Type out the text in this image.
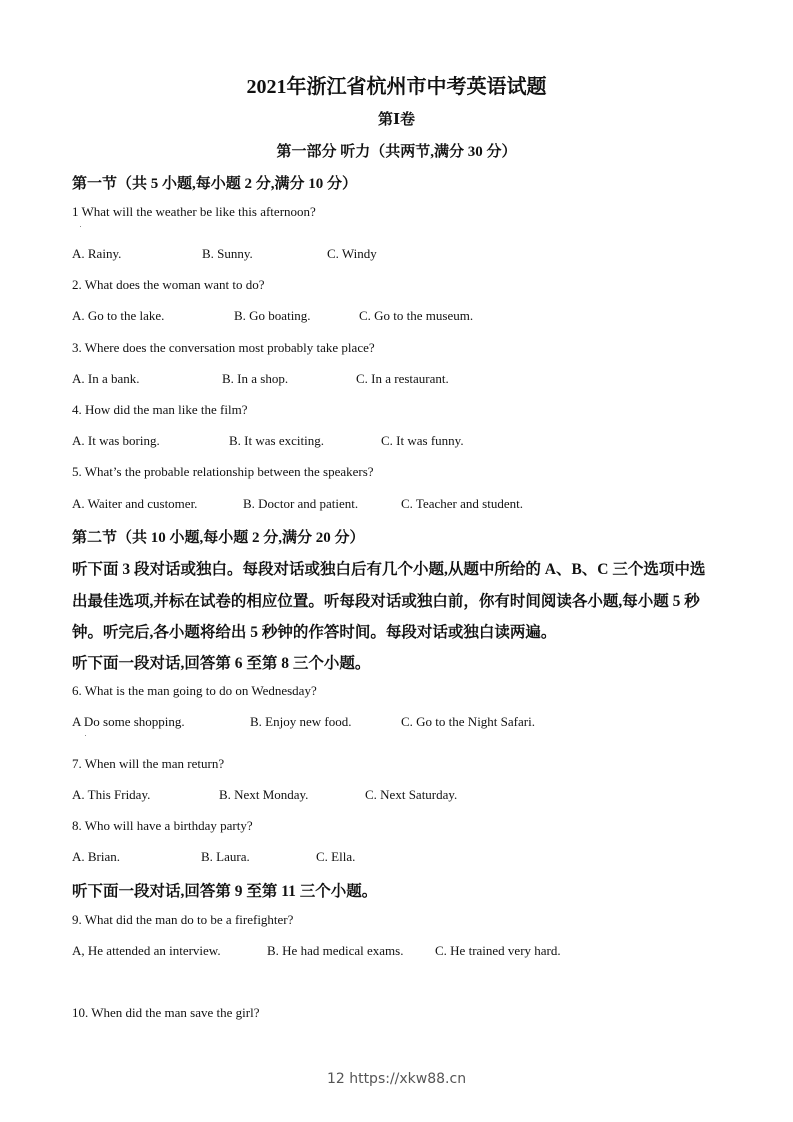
2021年浙江省杭州市中考英语试题
第Ⅰ卷
第一部分 听力（共两节,满分 30 分）
第一节（共 5 小题,每小题 2 分,满分 10 分）
1 What will the weather be like this afternoon?
A. Rainy.	B. Sunny.	C. Windy
2. What does the woman want to do?
A. Go to the lake.	B. Go boating.	C. Go to the museum.
3. Where does the conversation most probably take place?
A. In a bank.	B. In a shop.	C. In a restaurant.
4. How did the man like the film?
A. It was boring.	B. It was exciting.	C. It was funny.
5. What’s the probable relationship between the speakers?
A. Waiter and customer.	B. Doctor and patient.	C. Teacher and student.
第二节（共 10 小题,每小题 2 分,满分 20 分）
听下面 3 段对话或独白。每段对话或独白后有几个小题,从题中所给的 A、B、C 三个选项中选
出最佳选项,并标在试卷的相应位置。听每段对话或独白前，你有时间阅读各小题,每小题 5 秒
钟。听完后,各小题将给出 5 秒钟的作答时间。每段对话或独白读两遍。
听下面一段对话,回答第 6 至第 8 三个小题。
6. What is the man going to do on Wednesday?
A Do some shopping.	B. Enjoy new food.	C. Go to the Night Safari.
7. When will the man return?
A. This Friday.	B. Next Monday.	C. Next Saturday.
8. Who will have a birthday party?
A. Brian.	B. Laura.	C. Ella.
听下面一段对话,回答第 9 至第 11 三个小题。
9. What did the man do to be a firefighter?
A, He attended an interview.	B. He had medical exams. C. He trained very hard.
10. When did the man save the girl?
12 https://xkw88.cn
